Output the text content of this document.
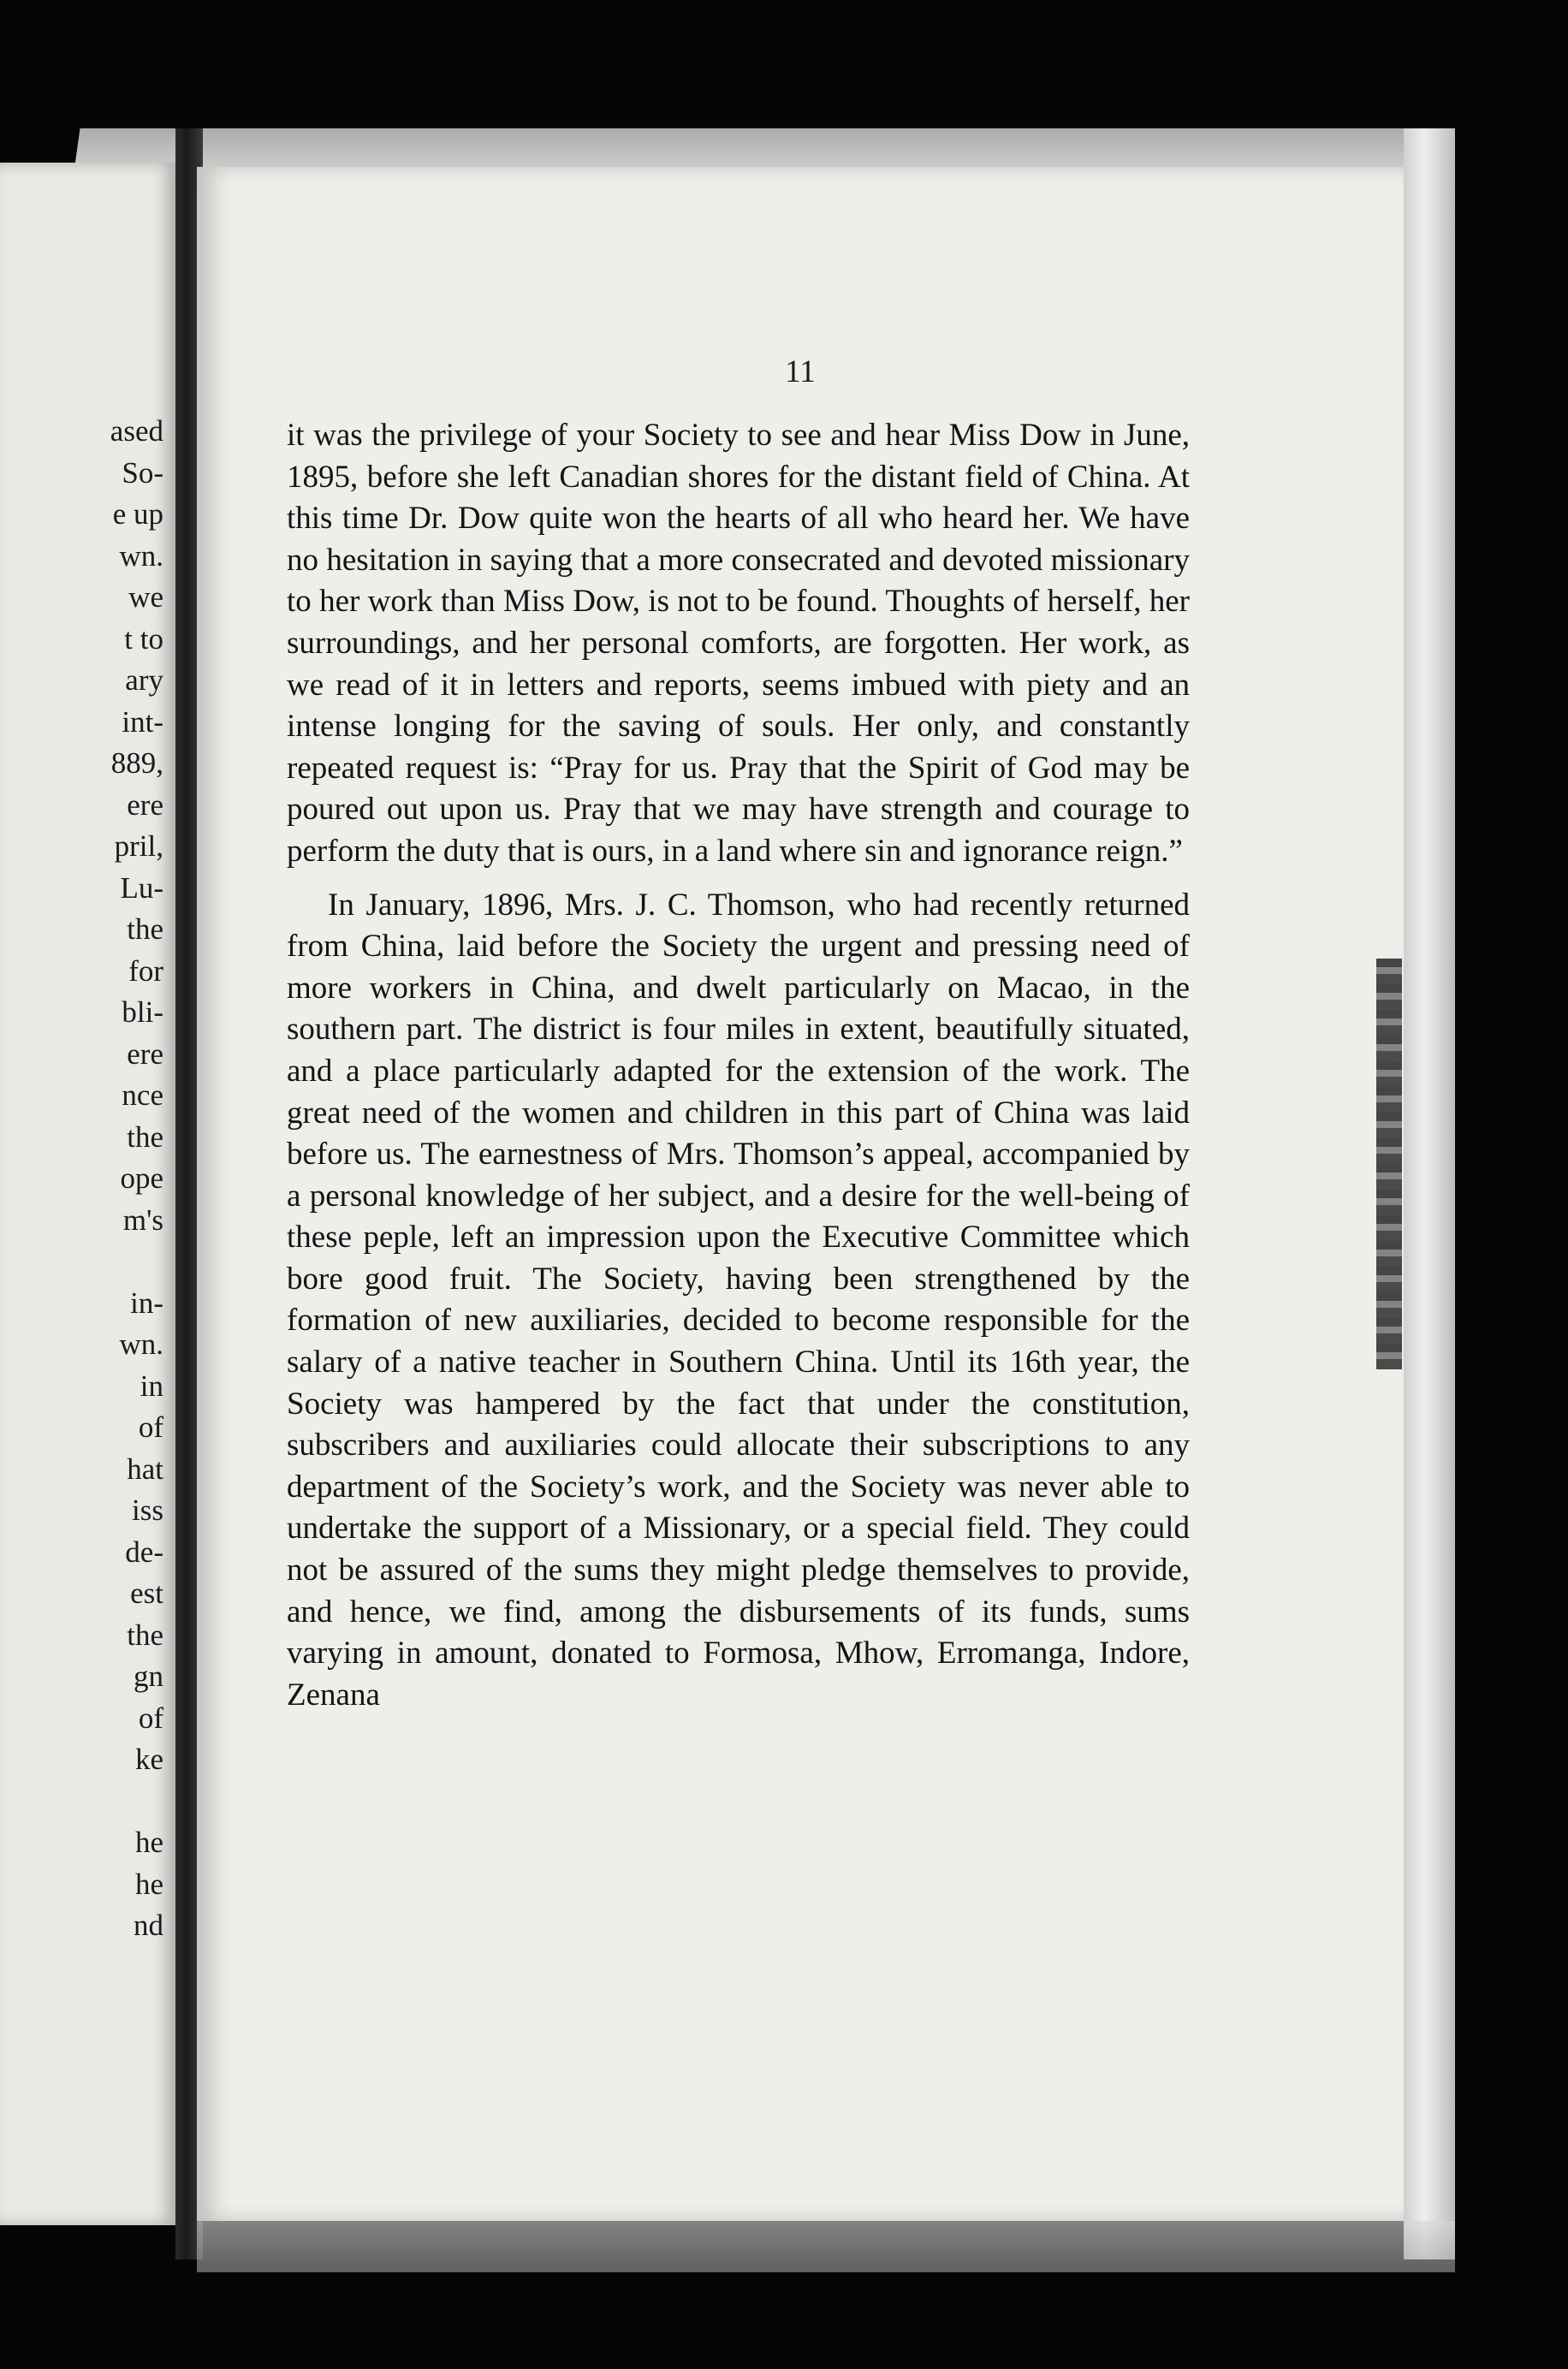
ased
So-
e up
wn.
we
t to
ary
int-
889,
ere
pril,
Lu-
the
for
bli-
ere
nce
the
ope
m's
in-
wn.
in
of
hat
iss
de-
est
the
gn
of
ke
he
he
nd
11

it was the privilege of your Society to see and hear Miss Dow in June, 1895, before she left Canadian shores for the distant field of China. At this time Dr. Dow quite won the hearts of all who heard her. We have no hesitation in saying that a more consecrated and devoted missionary to her work than Miss Dow, is not to be found. Thoughts of herself, her surroundings, and her personal comforts, are forgotten. Her work, as we read of it in letters and reports, seems imbued with piety and an intense longing for the saving of souls. Her only, and constantly repeated request is: “Pray for us. Pray that the Spirit of God may be poured out upon us. Pray that we may have strength and courage to perform the duty that is ours, in a land where sin and ignorance reign.”

In January, 1896, Mrs. J. C. Thomson, who had recently returned from China, laid before the Society the urgent and pressing need of more workers in China, and dwelt particularly on Macao, in the southern part. The district is four miles in extent, beautifully situated, and a place particularly adapted for the extension of the work. The great need of the women and children in this part of China was laid before us. The earnestness of Mrs. Thomson’s appeal, accompanied by a personal knowledge of her subject, and a desire for the well-being of these peple, left an impression upon the Executive Committee which bore good fruit. The Society, having been strengthened by the formation of new auxiliaries, decided to become responsible for the salary of a native teacher in Southern China. Until its 16th year, the Society was hampered by the fact that under the constitution, subscribers and auxiliaries could allocate their subscriptions to any department of the Society’s work, and the Society was never able to undertake the support of a Missionary, or a special field. They could not be assured of the sums they might pledge themselves to provide, and hence, we find, among the disbursements of its funds, sums varying in amount, donated to Formosa, Mhow, Erromanga, Indore, Zenana
